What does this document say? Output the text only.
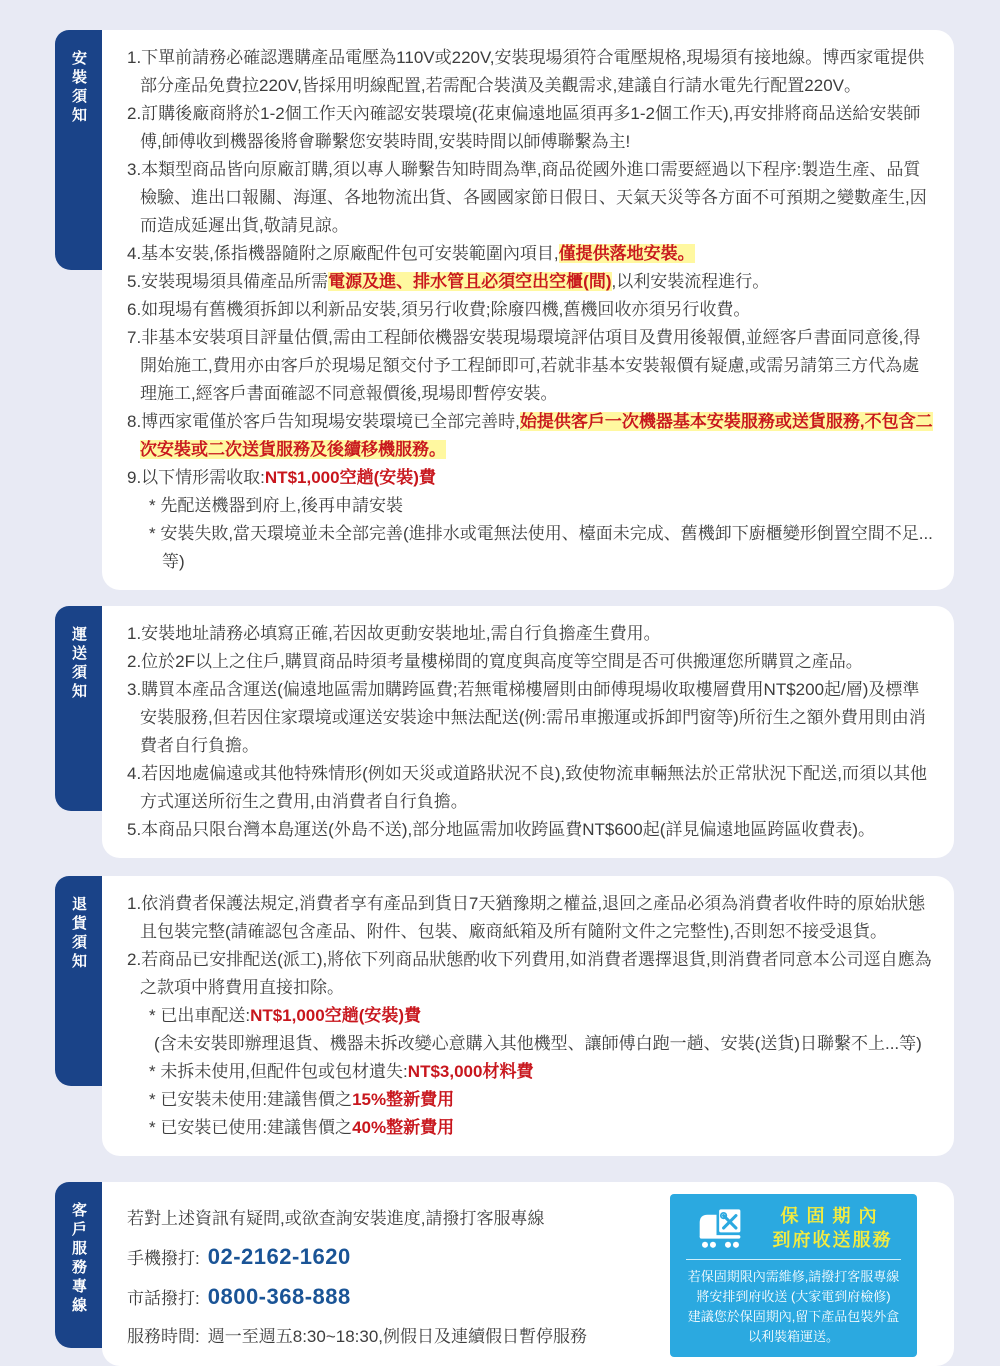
安裝須知 1.下單前請務必確認選購產品電壓為110V或220V,安裝現場須符合電壓規格,現場須有接地線。博西家電提供部分產品免費拉220V,皆採用明線配置,若需配合裝潢及美觀需求,建議自行請水電先行配置220V。

2.訂購後廠商將於1-2個工作天內確認安裝環境(花東偏遠地區須再多1-2個工作天),再安排將商品送給安裝師傅,師傅收到機器後將會聯繫您安裝時間,安裝時間以師傅聯繫為主!

3.本類型商品皆向原廠訂購,須以專人聯繫告知時間為準,商品從國外進口需要經過以下程序:製造生產、品質檢驗、進出口報關、海運、各地物流出貨、各國國家節日假日、天氣天災等各方面不可預期之變數產生,因而造成延遲出貨,敬請見諒。

4.基本安裝,係指機器隨附之原廠配件包可安裝範圍內項目,僅提供落地安裝。

5.安裝現場須具備產品所需電源及進、排水管且必須空出空櫃(間),以利安裝流程進行。

6.如現場有舊機須拆卸以利新品安裝,須另行收費;除廢四機,舊機回收亦須另行收費。

7.非基本安裝項目評量估價,需由工程師依機器安裝現場環境評估項目及費用後報價,並經客戶書面同意後,得開始施工,費用亦由客戶於現場足額交付予工程師即可,若就非基本安裝報價有疑慮,或需另請第三方代為處理施工,經客戶書面確認不同意報價後,現場即暫停安裝。

8.博西家電僅於客戶告知現場安裝環境已全部完善時,始提供客戶一次機器基本安裝服務或送貨服務,不包含二次安裝或二次送貨服務及後續移機服務。

9.以下情形需收取:NT$1,000空趟(安裝)費

* 先配送機器到府上,後再申請安裝

* 安裝失敗,當天環境並未全部完善(進排水或電無法使用、檯面未完成、舊機卸下廚櫃變形倒置空間不足...等)

運送須知 1.安裝地址請務必填寫正確,若因故更動安裝地址,需自行負擔產生費用。

2.位於2F以上之住戶,購買商品時須考量樓梯間的寬度與高度等空間是否可供搬運您所購買之產品。

3.購買本產品含運送(偏遠地區需加購跨區費;若無電梯樓層則由師傅現場收取樓層費用NT$200起/層)及標準安裝服務,但若因住家環境或運送安裝途中無法配送(例:需吊車搬運或拆卸門窗等)所衍生之額外費用則由消費者自行負擔。

4.若因地處偏遠或其他特殊情形(例如天災或道路狀況不良),致使物流車輛無法於正常狀況下配送,而須以其他方式運送所衍生之費用,由消費者自行負擔。

5.本商品只限台灣本島運送(外島不送),部分地區需加收跨區費NT$600起(詳見偏遠地區跨區收費表)。

退貨須知 1.依消費者保護法規定,消費者享有產品到貨日7天猶豫期之權益,退回之產品必須為消費者收件時的原始狀態且包裝完整(請確認包含產品、附件、包裝、廠商紙箱及所有隨附文件之完整性),否則恕不接受退貨。

2.若商品已安排配送(派工),將依下列商品狀態酌收下列費用,如消費者選擇退貨,則消費者同意本公司逕自應為之款項中將費用直接扣除。

* 已出車配送:NT$1,000空趟(安裝)費

(含未安裝即辦理退貨、機器未拆改變心意購入其他機型、讓師傅白跑一趟、安裝(送貨)日聯繫不上...等)

* 未拆未使用,但配件包或包材遺失:NT$3,000材料費

* 已安裝未使用:建議售價之15%整新費用

* 已安裝已使用:建議售價之40%整新費用

客戶服務專線 若對上述資訊有疑問,或欲查詢安裝進度,請撥打客服專線

手機撥打: 02-2162-1620

市話撥打: 0800-368-888

服務時間: 週一至週五8:30~18:30,例假日及連續假日暫停服務

保固期內
到府收送服務
若保固期限內需維修,請撥打客服專線
將安排到府收送 (大家電到府檢修)
建議您於保固期內,留下產品包裝外盒
以利裝箱運送。
